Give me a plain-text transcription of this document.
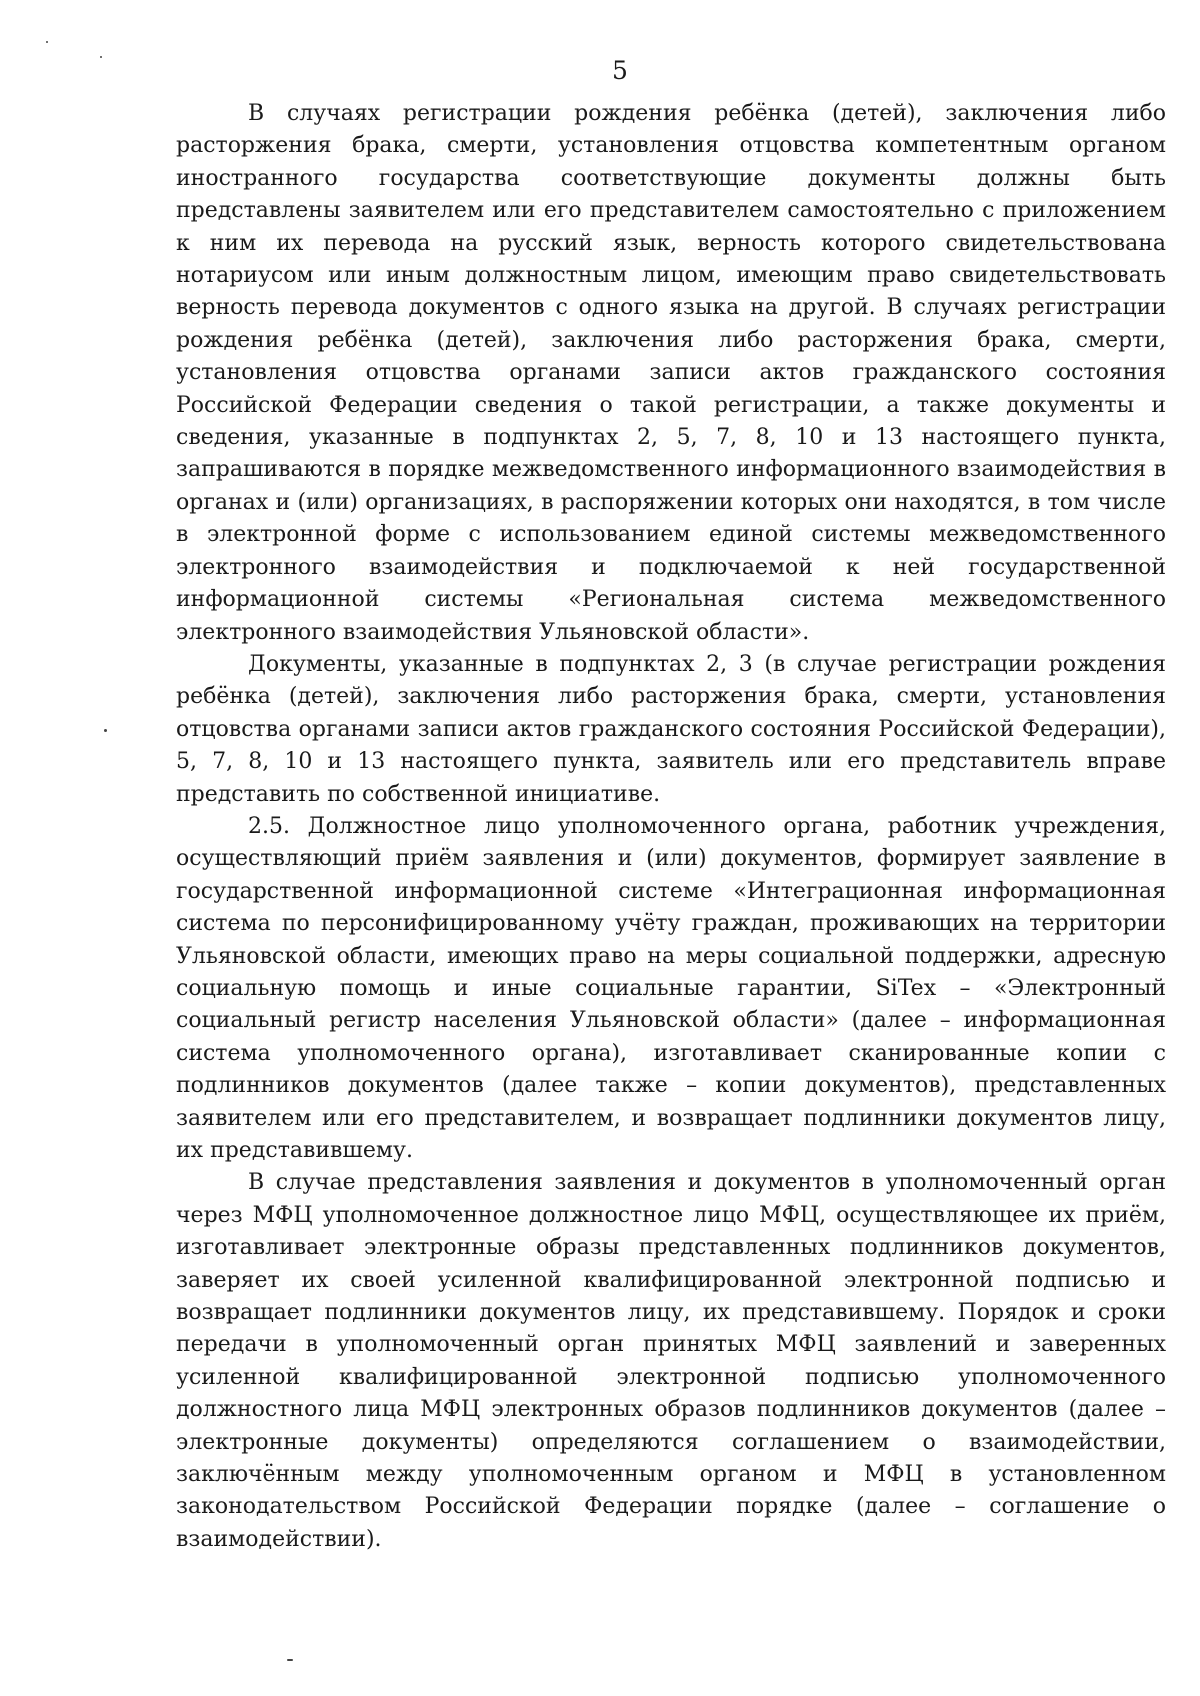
5

В случаях регистрации рождения ребёнка (детей), заключения либо расторжения брака, смерти, установления отцовства компетентным органом иностранного государства соответствующие документы должны быть представлены заявителем или его представителем самостоятельно с приложением к ним их перевода на русский язык, верность которого свидетельствована нотариусом или иным должностным лицом, имеющим право свидетельствовать верность перевода документов с одного языка на другой. В случаях регистрации рождения ребёнка (детей), заключения либо расторжения брака, смерти, установления отцовства органами записи актов гражданского состояния Российской Федерации сведения о такой регистрации, а также документы и сведения, указанные в подпунктах 2, 5, 7, 8, 10 и 13 настоящего пункта, запрашиваются в порядке межведомственного информационного взаимодействия в органах и (или) организациях, в распоряжении которых они находятся, в том числе в электронной форме с использованием единой системы межведомственного электронного взаимодействия и подключаемой к ней государственной информационной системы «Региональная система межведомственного электронного взаимодействия Ульяновской области».

Документы, указанные в подпунктах 2, 3 (в случае регистрации рождения ребёнка (детей), заключения либо расторжения брака, смерти, установления отцовства органами записи актов гражданского состояния Российской Федерации), 5, 7, 8, 10 и 13 настоящего пункта, заявитель или его представитель вправе представить по собственной инициативе.

2.5. Должностное лицо уполномоченного органа, работник учреждения, осуществляющий приём заявления и (или) документов, формирует заявление в государственной информационной системе «Интеграционная информационная система по персонифицированному учёту граждан, проживающих на территории Ульяновской области, имеющих право на меры социальной поддержки, адресную социальную помощь и иные социальные гарантии, SiTex – «Электронный социальный регистр населения Ульяновской области» (далее – информационная система уполномоченного органа), изготавливает сканированные копии с подлинников документов (далее также – копии документов), представленных заявителем или его представителем, и возвращает подлинники документов лицу, их представившему.

В случае представления заявления и документов в уполномоченный орган через МФЦ уполномоченное должностное лицо МФЦ, осуществляющее их приём, изготавливает электронные образы представленных подлинников документов, заверяет их своей усиленной квалифицированной электронной подписью и возвращает подлинники документов лицу, их представившему. Порядок и сроки передачи в уполномоченный орган принятых МФЦ заявлений и заверенных усиленной квалифицированной электронной подписью уполномоченного должностного лица МФЦ электронных образов подлинников документов (далее – электронные документы) определяются соглашением о взаимодействии, заключённым между уполномоченным органом и МФЦ в установленном законодательством Российской Федерации порядке (далее – соглашение о взаимодействии).
